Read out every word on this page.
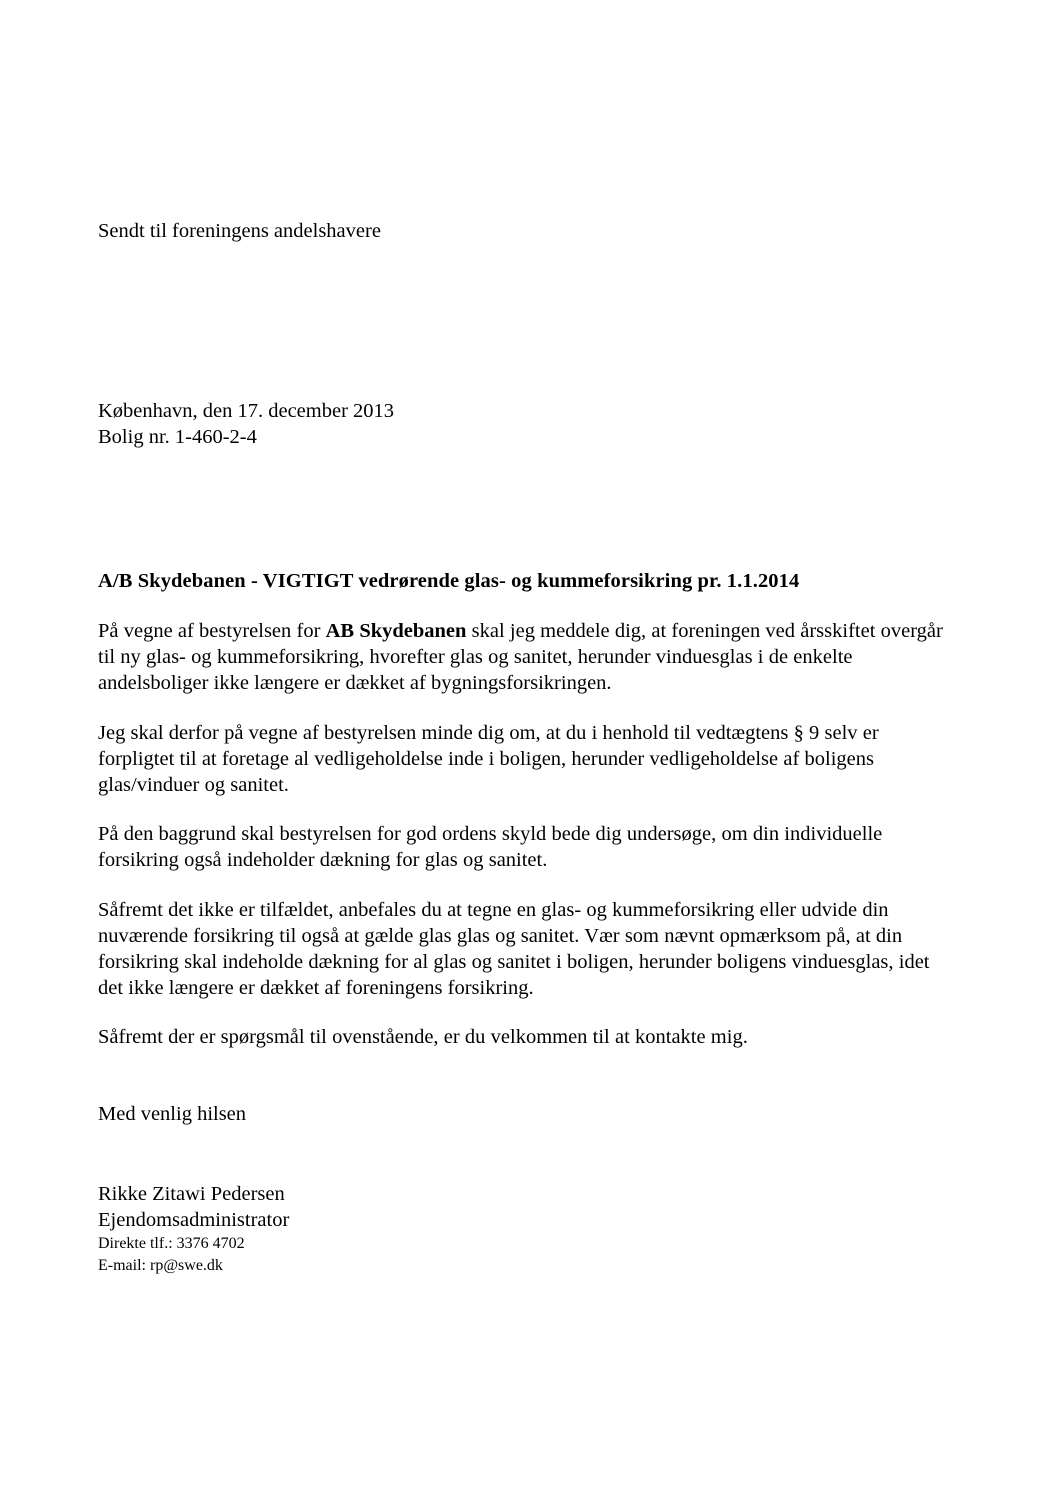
Sendt til foreningens andelshavere
København, den 17. december 2013
Bolig nr. 1-460-2-4
A/B Skydebanen - VIGTIGT vedrørende glas- og kummeforsikring pr. 1.1.2014

På vegne af bestyrelsen for AB Skydebanen skal jeg meddele dig, at foreningen ved årsskiftet overgår til ny glas- og kummeforsikring, hvorefter glas og sanitet, herunder vinduesglas i de enkelte andelsboliger ikke længere er dækket af bygningsforsikringen.

Jeg skal derfor på vegne af bestyrelsen minde dig om, at du i henhold til vedtægtens § 9 selv er forpligtet til at foretage al vedligeholdelse inde i boligen, herunder vedligeholdelse af boligens glas/vinduer og sanitet.

På den baggrund skal bestyrelsen for god ordens skyld bede dig undersøge, om din individuelle forsikring også indeholder dækning for glas og sanitet.

Såfremt det ikke er tilfældet, anbefales du at tegne en glas- og kummeforsikring eller udvide din nuværende forsikring til også at gælde glas glas og sanitet. Vær som nævnt opmærksom på, at din forsikring skal indeholde dækning for al glas og sanitet i boligen, herunder boligens vinduesglas, idet det ikke længere er dækket af foreningens forsikring.

Såfremt der er spørgsmål til ovenstående, er du velkommen til at kontakte mig.

Med venlig hilsen
Rikke Zitawi Pedersen
Ejendomsadministrator
Direkte tlf.: 3376 4702
E-mail: rp@swe.dk
